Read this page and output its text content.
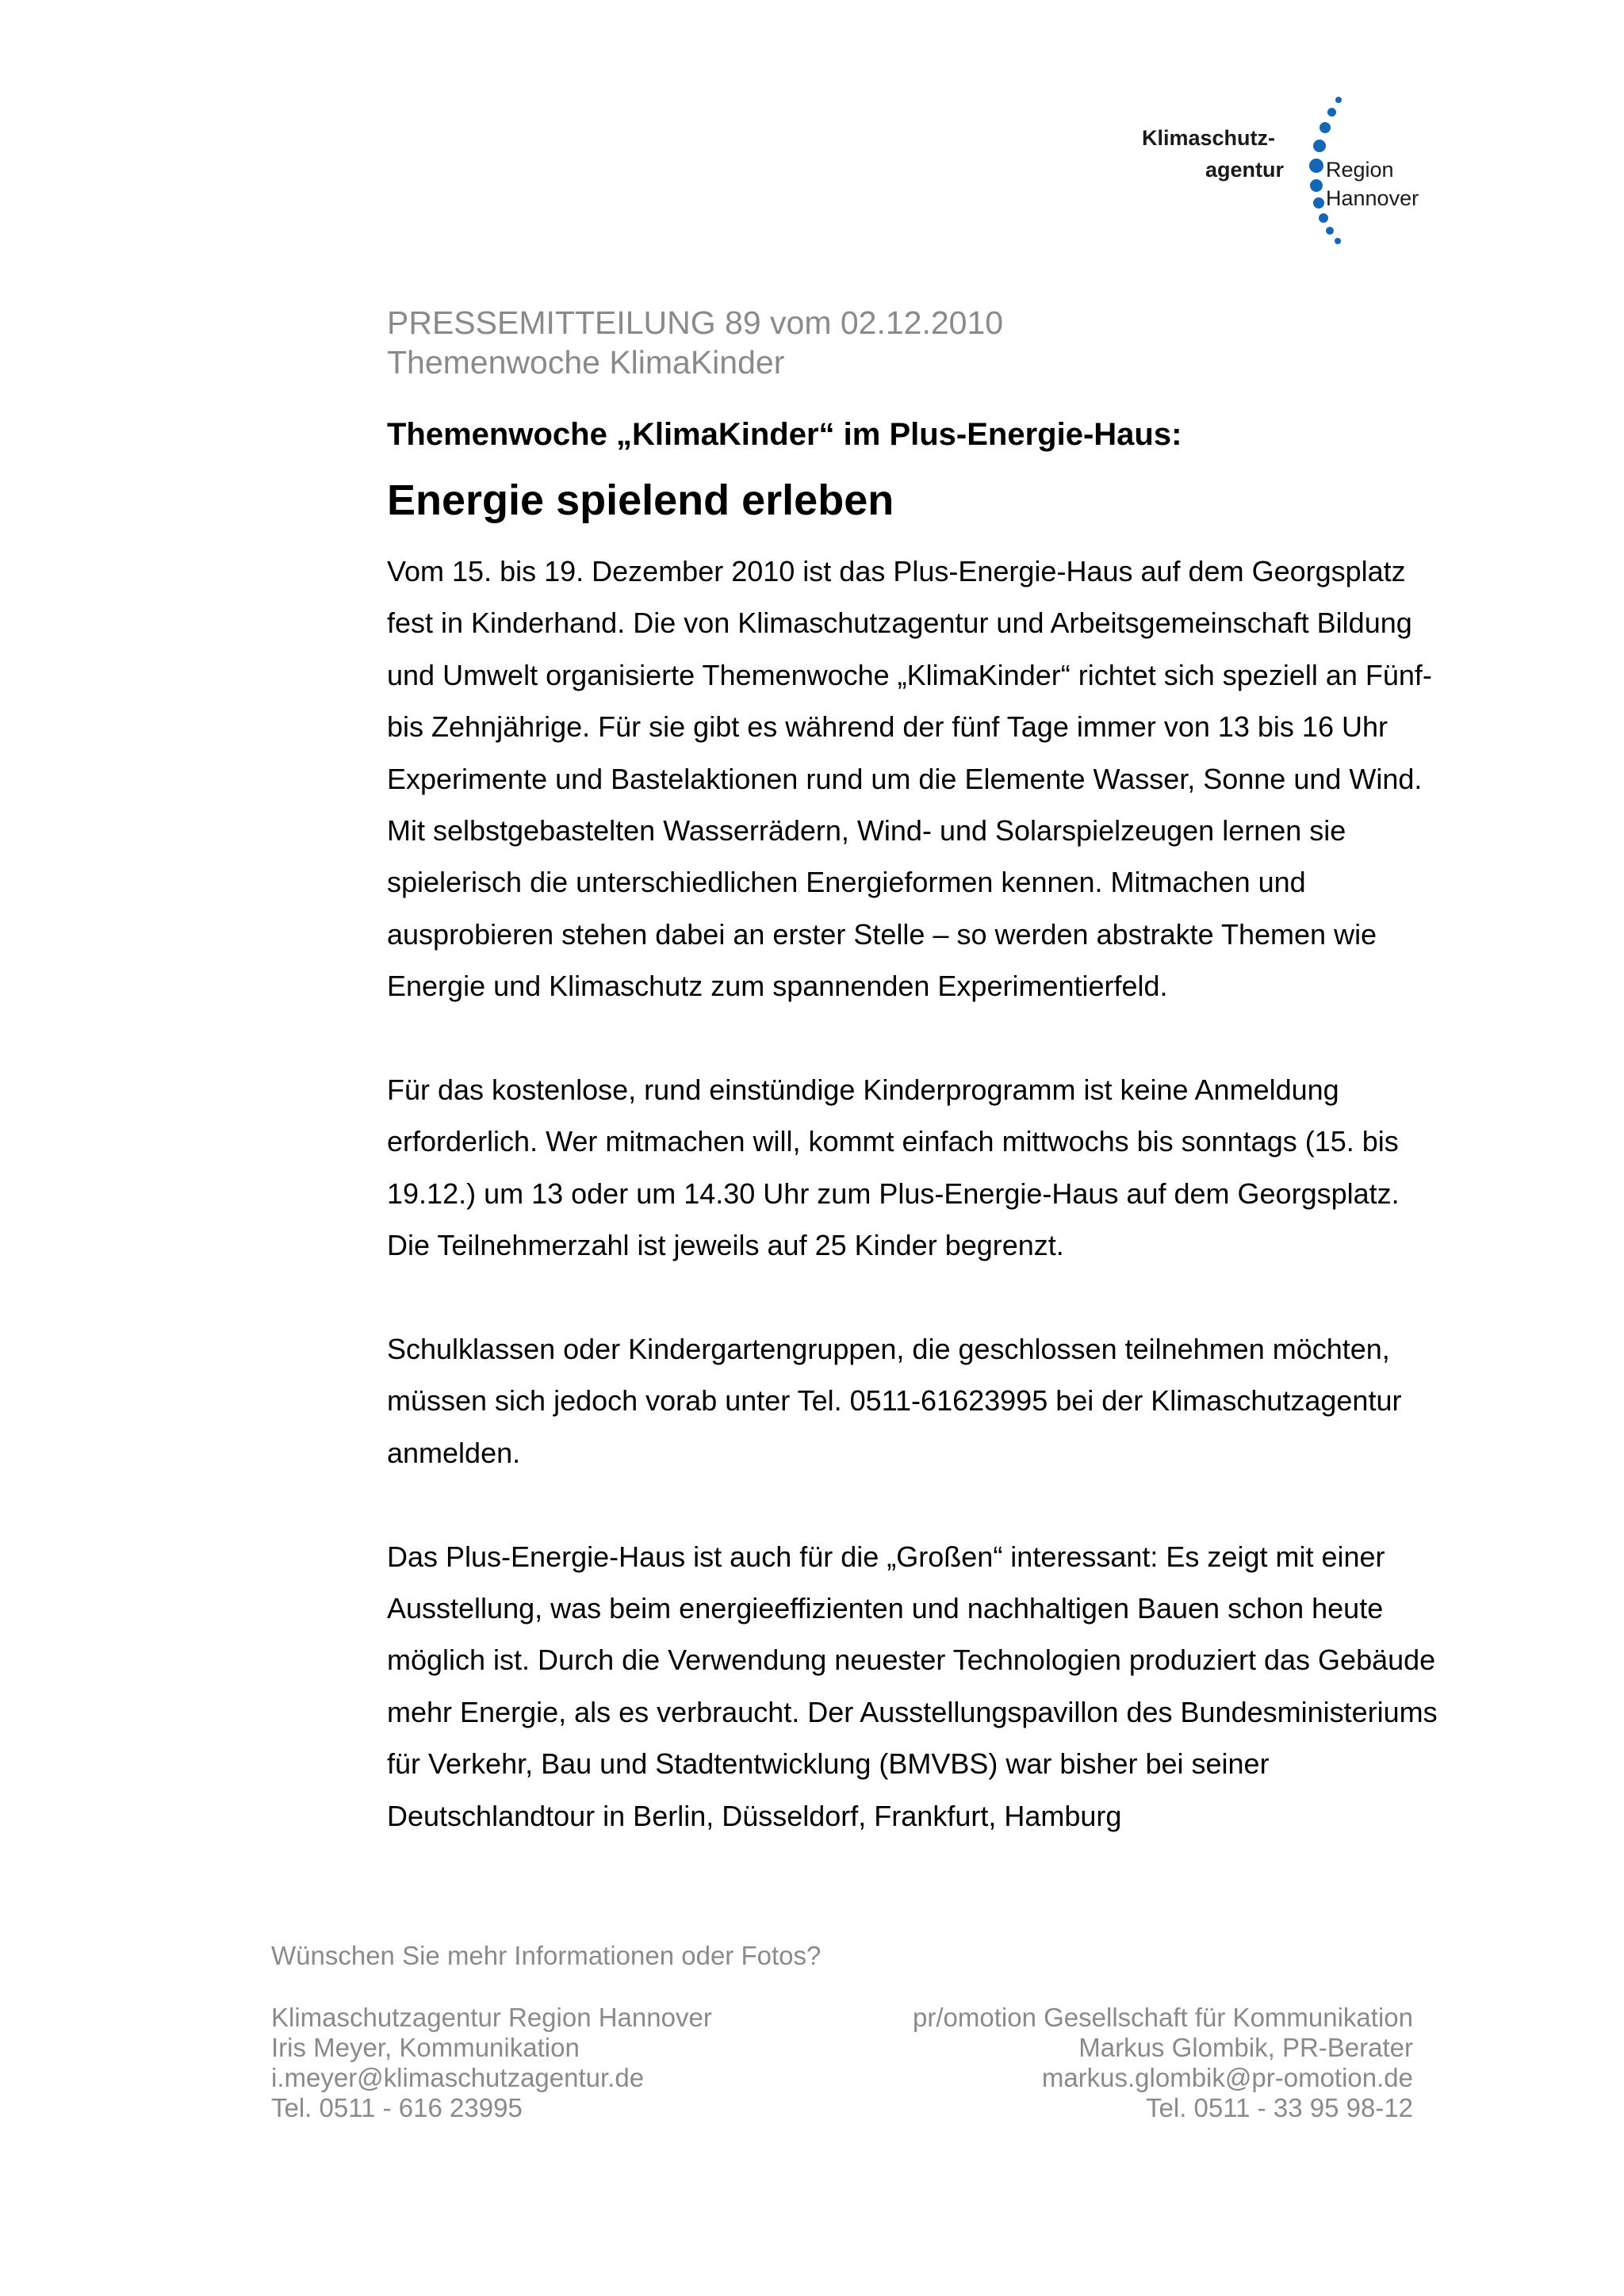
Klimaschutz-
agentur Region
Hannover
PRESSEMITTEILUNG 89 vom 02.12.2010
Themenwoche KlimaKinder
Themenwoche „KlimaKinder“ im Plus-Energie-Haus:
Energie spielend erleben

Vom 15. bis 19. Dezember 2010 ist das Plus-Energie-Haus auf dem Georgsplatz fest in Kinderhand. Die von Klimaschutzagentur und Arbeitsgemeinschaft Bildung und Umwelt organisierte Themenwoche „KlimaKinder“ richtet sich speziell an Fünf- bis Zehnjährige. Für sie gibt es während der fünf Tage immer von 13 bis 16 Uhr Experimente und Bastelaktionen rund um die Elemente Wasser, Sonne und Wind. Mit selbstgebastelten Wasserrädern, Wind- und Solarspielzeugen lernen sie spielerisch die unterschiedlichen Energieformen kennen. Mitmachen und ausprobieren stehen dabei an erster Stelle – so werden abstrakte Themen wie Energie und Klimaschutz zum spannenden Experimentierfeld.

Für das kostenlose, rund einstündige Kinderprogramm ist keine Anmeldung erforderlich. Wer mitmachen will, kommt einfach mittwochs bis sonntags (15. bis 19.12.) um 13 oder um 14.30 Uhr zum Plus-Energie-Haus auf dem Georgsplatz. Die Teilnehmerzahl ist jeweils auf 25 Kinder begrenzt.

Schulklassen oder Kindergartengruppen, die geschlossen teilnehmen möchten, müssen sich jedoch vorab unter Tel. 0511-61623995 bei der Klimaschutzagentur anmelden.

Das Plus-Energie-Haus ist auch für die „Großen“ interessant: Es zeigt mit einer Ausstellung, was beim energieeffizienten und nachhaltigen Bauen schon heute möglich ist. Durch die Verwendung neuester Technologien produziert das Gebäude mehr Energie, als es verbraucht. Der Ausstellungspavillon des Bundesministeriums für Verkehr, Bau und Stadtentwicklung (BMVBS) war bisher bei seiner Deutschlandtour in Berlin, Düsseldorf, Frankfurt, Hamburg

Wünschen Sie mehr Informationen oder Fotos?
Klimaschutzagentur Region Hannover
Iris Meyer, Kommunikation
i.meyer@klimaschutzagentur.de
Tel. 0511 - 616 23995
pr/omotion Gesellschaft für Kommunikation
Markus Glombik, PR-Berater
markus.glombik@pr-omotion.de
Tel. 0511 - 33 95 98-12
